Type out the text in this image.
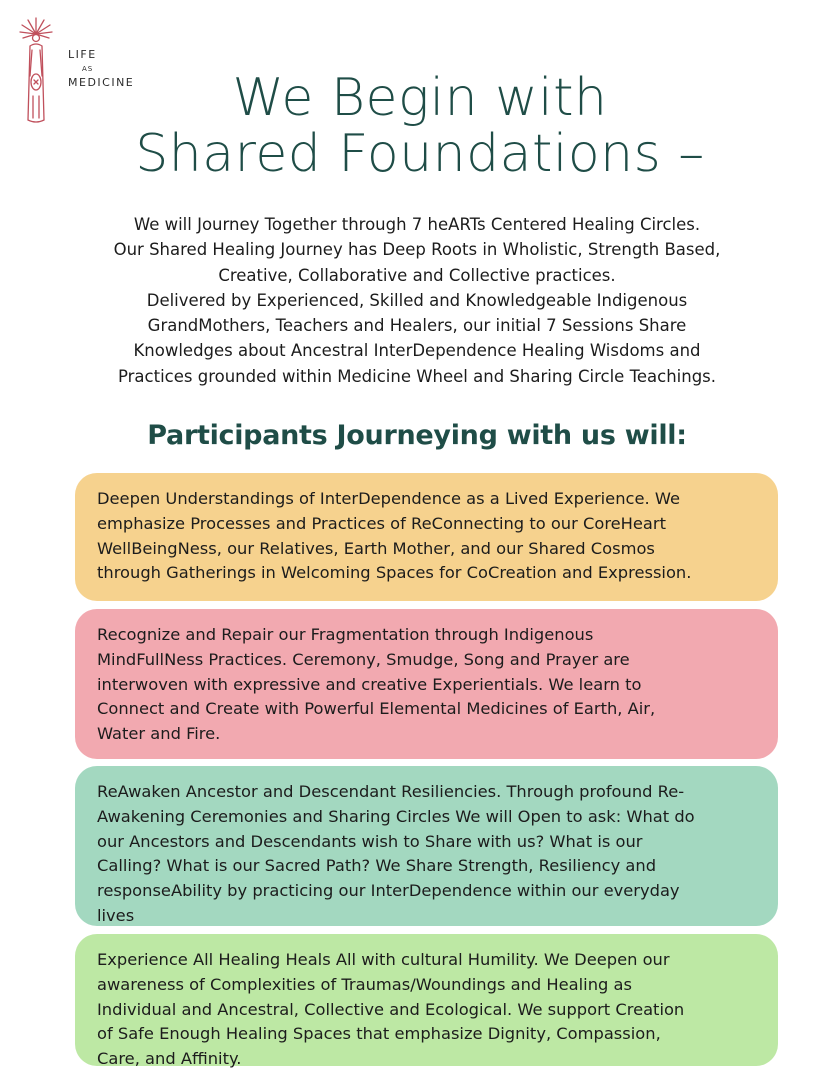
LIFE
AS
MEDICINE	We Begin with
Shared Foundations –
We will Journey Together through 7 heARTs Centered Healing Circles.
Our Shared Healing Journey has Deep Roots in Wholistic, Strength Based,
Creative, Collaborative and Collective practices.
Delivered by Experienced, Skilled and Knowledgeable Indigenous
GrandMothers, Teachers and Healers, our initial 7 Sessions Share
Knowledges about Ancestral InterDependence Healing Wisdoms and
Practices grounded within Medicine Wheel and Sharing Circle Teachings.
Participants Journeying with us will:
Deepen Understandings of InterDependence as a Lived Experience. We
emphasize Processes and Practices of ReConnecting to our CoreHeart
WellBeingNess, our Relatives, Earth Mother, and our Shared Cosmos
through Gatherings in Welcoming Spaces for CoCreation and Expression.
Recognize and Repair our Fragmentation through Indigenous
MindFullNess Practices. Ceremony, Smudge, Song and Prayer are
interwoven with expressive and creative Experientials. We learn to
Connect and Create with Powerful Elemental Medicines of Earth, Air,
Water and Fire.
ReAwaken Ancestor and Descendant Resiliencies. Through profound Re-
Awakening Ceremonies and Sharing Circles We will Open to ask: What do
our Ancestors and Descendants wish to Share with us? What is our
Calling? What is our Sacred Path? We Share Strength, Resiliency and
responseAbility by practicing our InterDependence within our everyday
lives
Experience All Healing Heals All with cultural Humility. We Deepen our
awareness of Complexities of Traumas/Woundings and Healing as
Individual and Ancestral, Collective and Ecological. We support Creation
of Safe Enough Healing Spaces that emphasize Dignity, Compassion,
Care, and Affinity.
